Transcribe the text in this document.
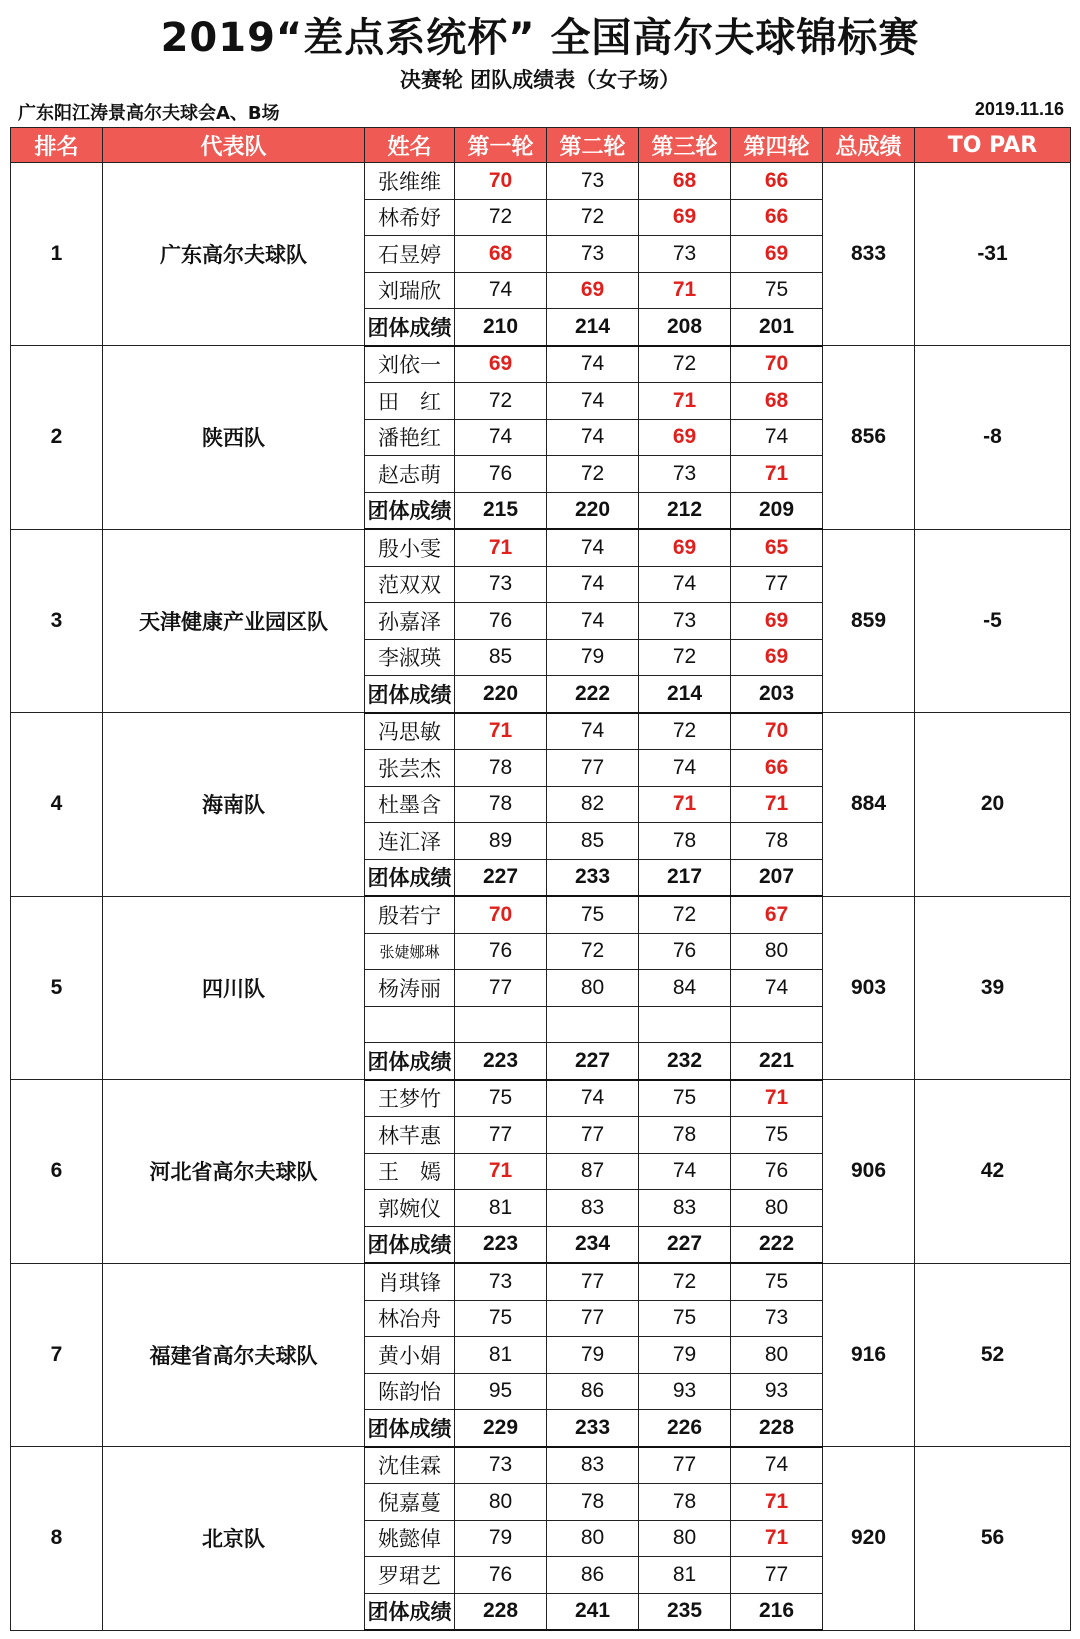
2019“差点系统杯” 全国高尔夫球锦标赛
决赛轮 团队成绩表（女子场）
广东阳江涛景高尔夫球会A、B场	2019.11.16
排名	代表队	姓名	第一轮	第二轮	第三轮	第四轮	总成绩	TO PAR
1	广东高尔夫球队	张维维	70	73	68	66	833	-31
		林希妤	72	72	69	66		
		石昱婷	68	73	73	69		
		刘瑞欣	74	69	71	75		
		团体成绩	210	214	208	201		
2	陕西队	刘依一	69	74	72	70	856	-8
		田　红	72	74	71	68		
		潘艳红	74	74	69	74		
		赵志萌	76	72	73	71		
		团体成绩	215	220	212	209		
3	天津健康产业园区队	殷小雯	71	74	69	65	859	-5
		范双双	73	74	74	77		
		孙嘉泽	76	74	73	69		
		李淑瑛	85	79	72	69		
		团体成绩	220	222	214	203		
4	海南队	冯思敏	71	74	72	70	884	20
		张芸杰	78	77	74	66		
		杜墨含	78	82	71	71		
		连汇泽	89	85	78	78		
		团体成绩	227	233	217	207		
5	四川队	殷若宁	70	75	72	67	903	39
		张婕娜琳	76	72	76	80		
		杨涛丽	77	80	84	74		

		团体成绩	223	227	232	221		
6	河北省高尔夫球队	王梦竹	75	74	75	71	906	42
		林芊惠	77	77	78	75		
		王　嫣	71	87	74	76		
		郭婉仪	81	83	83	80		
		团体成绩	223	234	227	222		
7	福建省高尔夫球队	肖琪锋	73	77	72	75	916	52
		林冶舟	75	77	75	73		
		黄小娟	81	79	79	80		
		陈韵怡	95	86	93	93		
		团体成绩	229	233	226	228		
8	北京队	沈佳霖	73	83	77	74	920	56
		倪嘉蔓	80	78	78	71		
		姚懿倬	79	80	80	71		
		罗珺艺	76	86	81	77		
		团体成绩	228	241	235	216		
